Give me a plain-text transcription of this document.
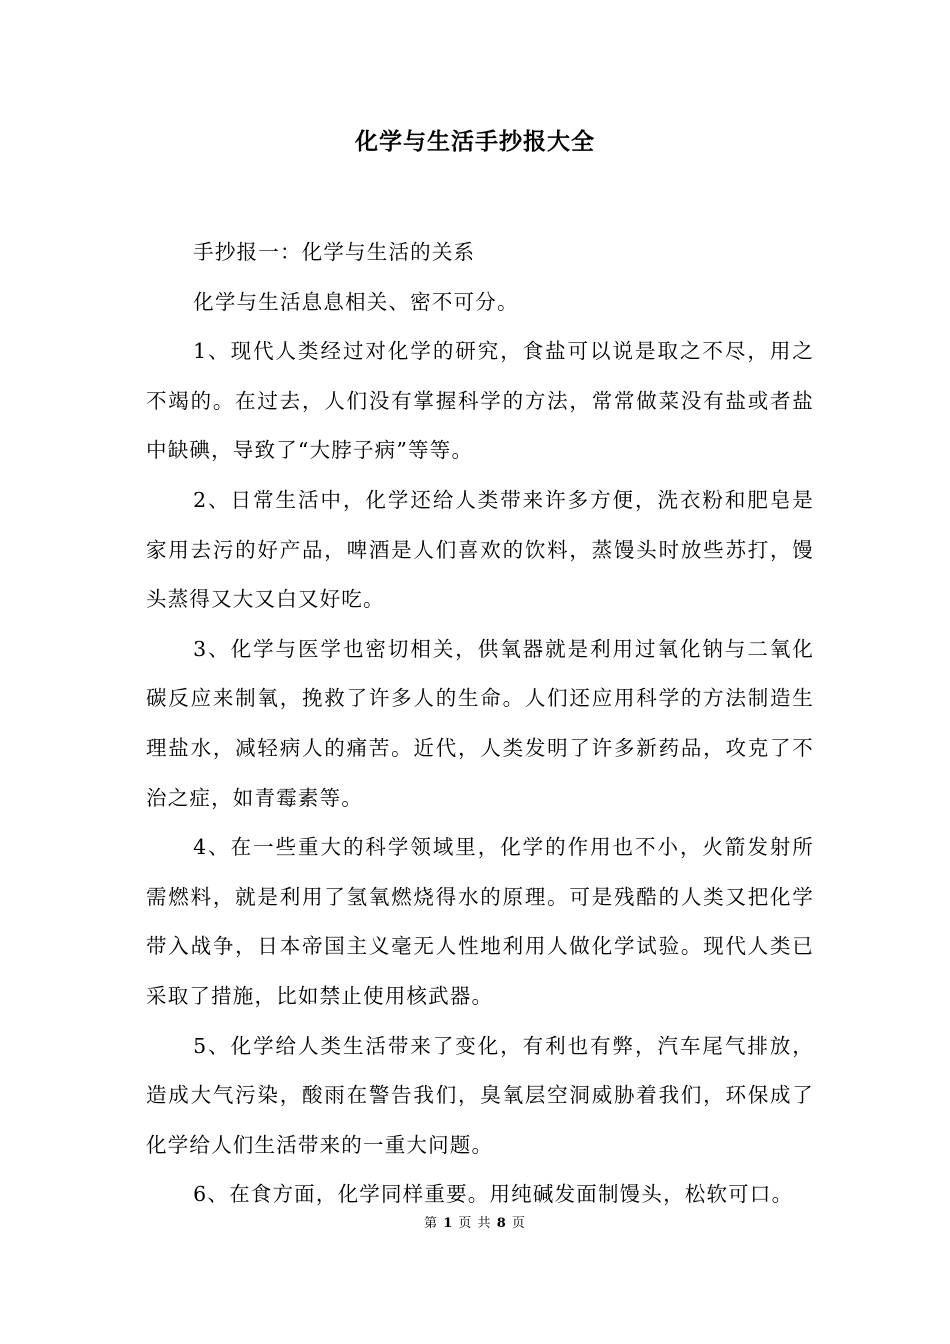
化学与生活手抄报大全

手抄报一：化学与生活的关系

化学与生活息息相关、密不可分。

1、现代人类经过对化学的研究，食盐可以说是取之不尽，用之不竭的。在过去，人们没有掌握科学的方法，常常做菜没有盐或者盐中缺碘，导致了“大脖子病”等等。

2、日常生活中，化学还给人类带来许多方便，洗衣粉和肥皂是家用去污的好产品，啤酒是人们喜欢的饮料，蒸馒头时放些苏打，馒头蒸得又大又白又好吃。

3、化学与医学也密切相关，供氧器就是利用过氧化钠与二氧化碳反应来制氧，挽救了许多人的生命。人们还应用科学的方法制造生理盐水，减轻病人的痛苦。近代，人类发明了许多新药品，攻克了不治之症，如青霉素等。

4、在一些重大的科学领域里，化学的作用也不小，火箭发射所需燃料，就是利用了氢氧燃烧得水的原理。可是残酷的人类又把化学带入战争，日本帝国主义毫无人性地利用人做化学试验。现代人类已采取了措施，比如禁止使用核武器。

5、化学给人类生活带来了变化，有利也有弊，汽车尾气排放，造成大气污染，酸雨在警告我们，臭氧层空洞威胁着我们，环保成了化学给人们生活带来的一重大问题。

6、在食方面，化学同样重要。用纯碱发面制馒头，松软可口。

第 1 页 共 8 页
